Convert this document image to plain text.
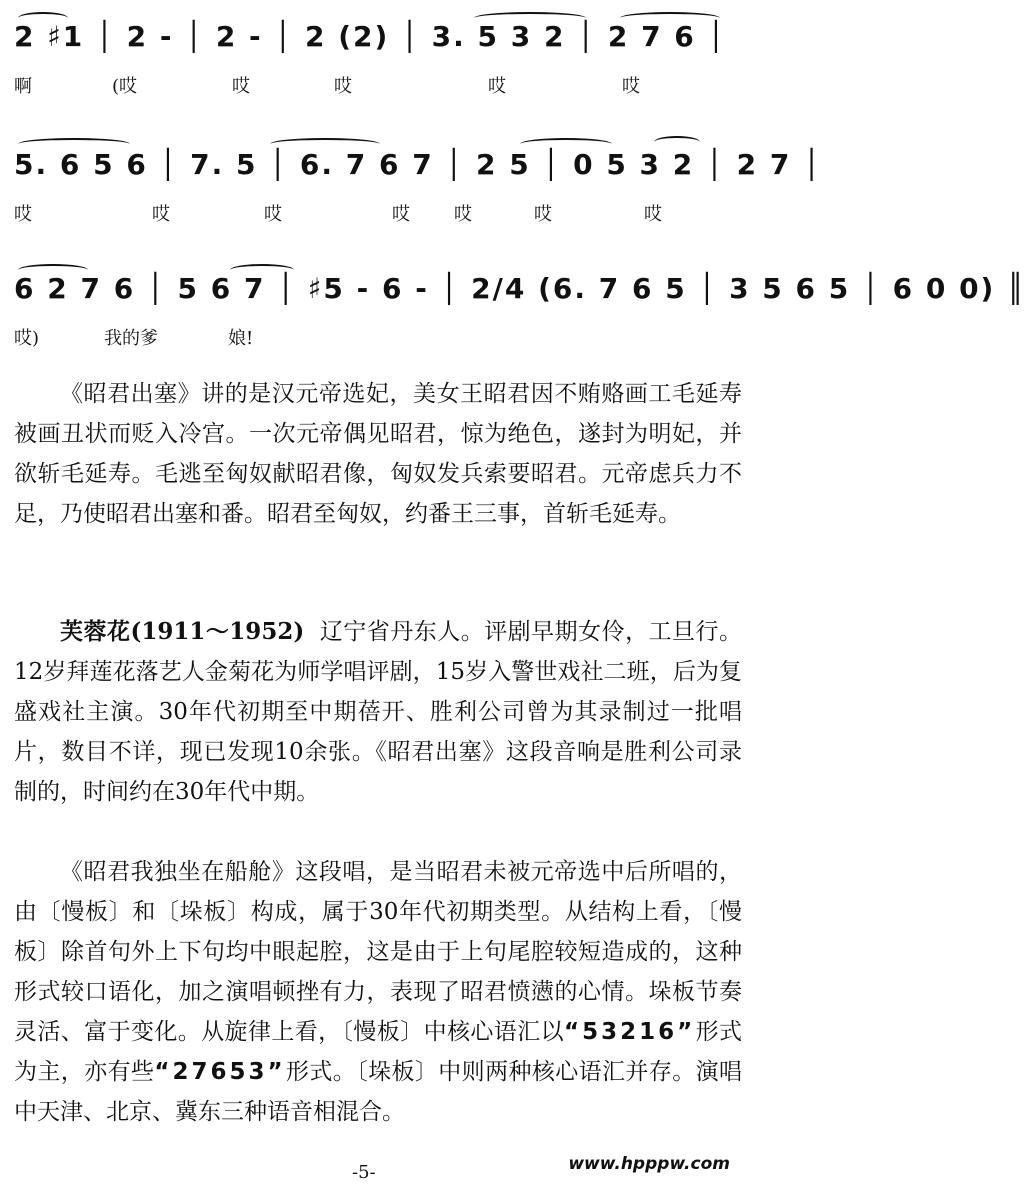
2 ♯1 │ 2 - │ 2 - │ 2 (2) │ 3. 5 3 2 │ 2 7 6 │
啊	(哎	哎	哎	哎	哎
5. 6 5 6 │ 7. 5 │ 6. 7 6 7 │ 2 5 │ 0 5 3 2 │ 2 7 │
哎	哎	哎	哎 哎	哎	哎
6 2 7 6 │ 5 6 7 │ ♯5 - 6 - │ 2/4 (6. 7 6 5 │ 3 5 6 5 │ 6 0 0) ║
哎)	我的爹	娘!
《昭君出塞》讲的是汉元帝选妃，美女王昭君因不贿赂画工毛延寿被画丑状而贬入冷宫。一次元帝偶见昭君，惊为绝色，遂封为明妃，并欲斩毛延寿。毛逃至匈奴献昭君像，匈奴发兵索要昭君。元帝虑兵力不足，乃使昭君出塞和番。昭君至匈奴，约番王三事，首斩毛延寿。
芙蓉花(1911～1952) 辽宁省丹东人。评剧早期女伶，工旦行。12岁拜莲花落艺人金菊花为师学唱评剧，15岁入警世戏社二班，后为复盛戏社主演。30年代初期至中期蓓开、胜利公司曾为其录制过一批唱片，数目不详，现已发现10余张。《昭君出塞》这段音响是胜利公司录制的，时间约在30年代中期。
《昭君我独坐在船舱》这段唱，是当昭君未被元帝选中后所唱的，由〔慢板〕和〔垛板〕构成，属于30年代初期类型。从结构上看，〔慢板〕除首句外上下句均中眼起腔，这是由于上句尾腔较短造成的，这种形式较口语化，加之演唱顿挫有力，表现了昭君愤懑的心情。垛板节奏灵活、富于变化。从旋律上看，〔慢板〕中核心语汇以“53216”形式为主，亦有些“27653”形式。〔垛板〕中则两种核心语汇并存。演唱中天津、北京、冀东三种语音相混合。
www.hpppw.com
-5-
